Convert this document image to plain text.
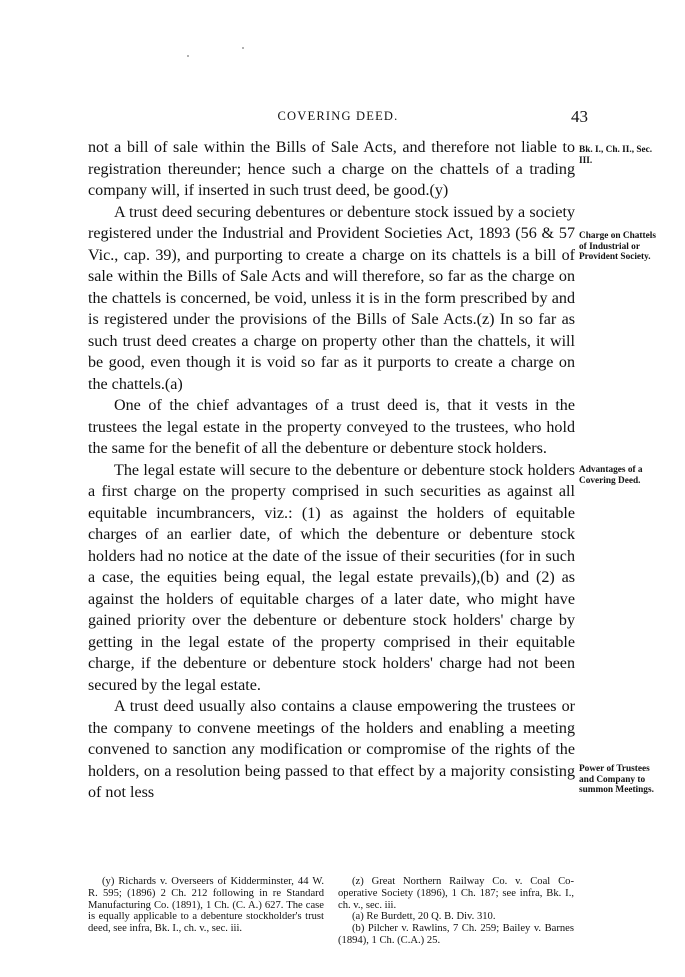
COVERING DEED.	43

not a bill of sale within the Bills of Sale Acts, and therefore not liable to registration thereunder; hence such a charge on the chattels of a trading company will, if inserted in such trust deed, be good.(y)

A trust deed securing debentures or debenture stock issued by a society registered under the Industrial and Provident Societies Act, 1893 (56 & 57 Vic., cap. 39), and purporting to create a charge on its chattels is a bill of sale within the Bills of Sale Acts and will therefore, so far as the charge on the chattels is concerned, be void, unless it is in the form prescribed by and is registered under the provisions of the Bills of Sale Acts.(z) In so far as such trust deed creates a charge on property other than the chattels, it will be good, even though it is void so far as it purports to create a charge on the chattels.(a)

One of the chief advantages of a trust deed is, that it vests in the trustees the legal estate in the property conveyed to the trustees, who hold the same for the benefit of all the debenture or debenture stock holders.

The legal estate will secure to the debenture or debenture stock holders a first charge on the property comprised in such securities as against all equitable incumbrancers, viz.: (1) as against the holders of equitable charges of an earlier date, of which the debenture or debenture stock holders had no notice at the date of the issue of their securities (for in such a case, the equities being equal, the legal estate prevails),(b) and (2) as against the holders of equitable charges of a later date, who might have gained priority over the debenture or debenture stock holders' charge by getting in the legal estate of the property comprised in their equitable charge, if the debenture or debenture stock holders' charge had not been secured by the legal estate.

A trust deed usually also contains a clause empowering the trustees or the company to convene meetings of the holders and enabling a meeting convened to sanction any modification or compromise of the rights of the holders, on a resolution being passed to that effect by a majority consisting of not less

Bk. I., Ch. II., Sec. III.
Charge on Chattels of Industrial or Provident Society.
Advantages of a Covering Deed.
Power of Trustees and Company to summon Meetings.

(y) Richards v. Overseers of Kidderminster, 44 W. R. 595; (1896) 2 Ch. 212 following in re Standard Manufacturing Co. (1891), 1 Ch. (C. A.) 627. The case is equally applicable to a debenture stockholder's trust deed, see infra, Bk. I., ch. v., sec. iii.

(z) Great Northern Railway Co. v. Coal Co-operative Society (1896), 1 Ch. 187; see infra, Bk. I., ch. v., sec. iii.

(a) Re Burdett, 20 Q. B. Div. 310.

(b) Pilcher v. Rawlins, 7 Ch. 259; Bailey v. Barnes (1894), 1 Ch. (C.A.) 25.
